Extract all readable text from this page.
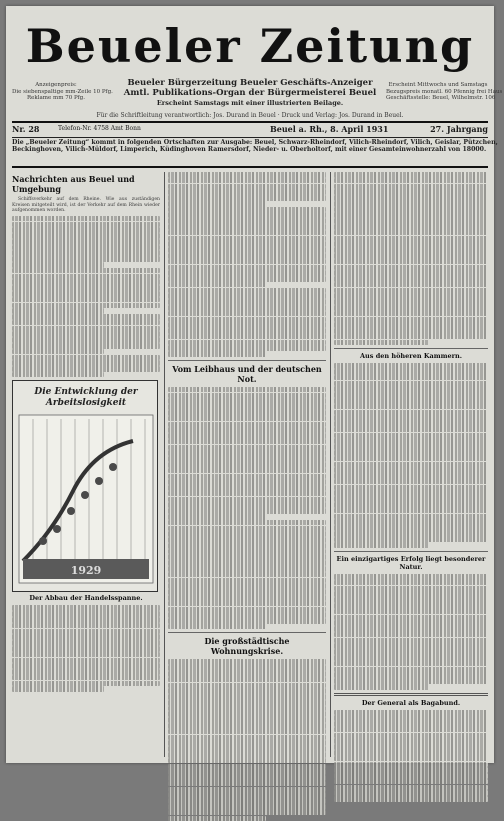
Beueler Zeitung
Anzeigenpreis:
Die siebenspaltige mm-Zeile 10 Pfg.
Reklame mm 70 Pfg.
Beueler Bürgerzeitung Beueler Geschäfts-Anzeiger
Amtl. Publikations-Organ der Bürgermeisterei Beuel
Erscheint Samstags mit einer illustrierten Beilage.
Erscheint Mittwochs und Samstags
Bezugspreis monatl. 60 Pfennig frei Haus
Geschäftsstelle: Beuel, Wilhelmstr. 106
Für die Schriftleitung verantwortlich: Jos. Durand in Beuel · Druck und Verlag: Jos. Durand in Beuel.
Nr. 28	Telefon-Nr. 4758 Amt Bonn	Beuel a. Rh., 8. April 1931	27. Jahrgang
Die „Beueler Zeitung“ kommt in folgenden Ortschaften zur Ausgabe: Beuel, Schwarz-Rheindorf, Vilich-Rheindorf, Vilich, Geislar, Pützchen,
Beckinghoven, Vilich-Müldorf, Limperich, Küdinghoven Ramersdorf, Nieder- u. Oberholtorf, mit einer Gesamteinwohnerzahl von 18000.
Nachrichten aus Beuel und Umgebung
Schiffsverkehr auf dem Rheine. Wie aus zuständigen Kreisen mitgeteilt wird, ist der Verkehr auf dem Rhein wieder aufgenommen worden.
Die Entwicklung der Arbeitslosigkeit
1929
Der Abbau der Handelsspanne.
Vom Leibhaus und der deutschen Not.
Die großstädtische Wohnungskrise.
Aus den höheren Kammern.
Ein einzigartiges Erfolg liegt besonderer Natur.
Der General als Bagabund.
